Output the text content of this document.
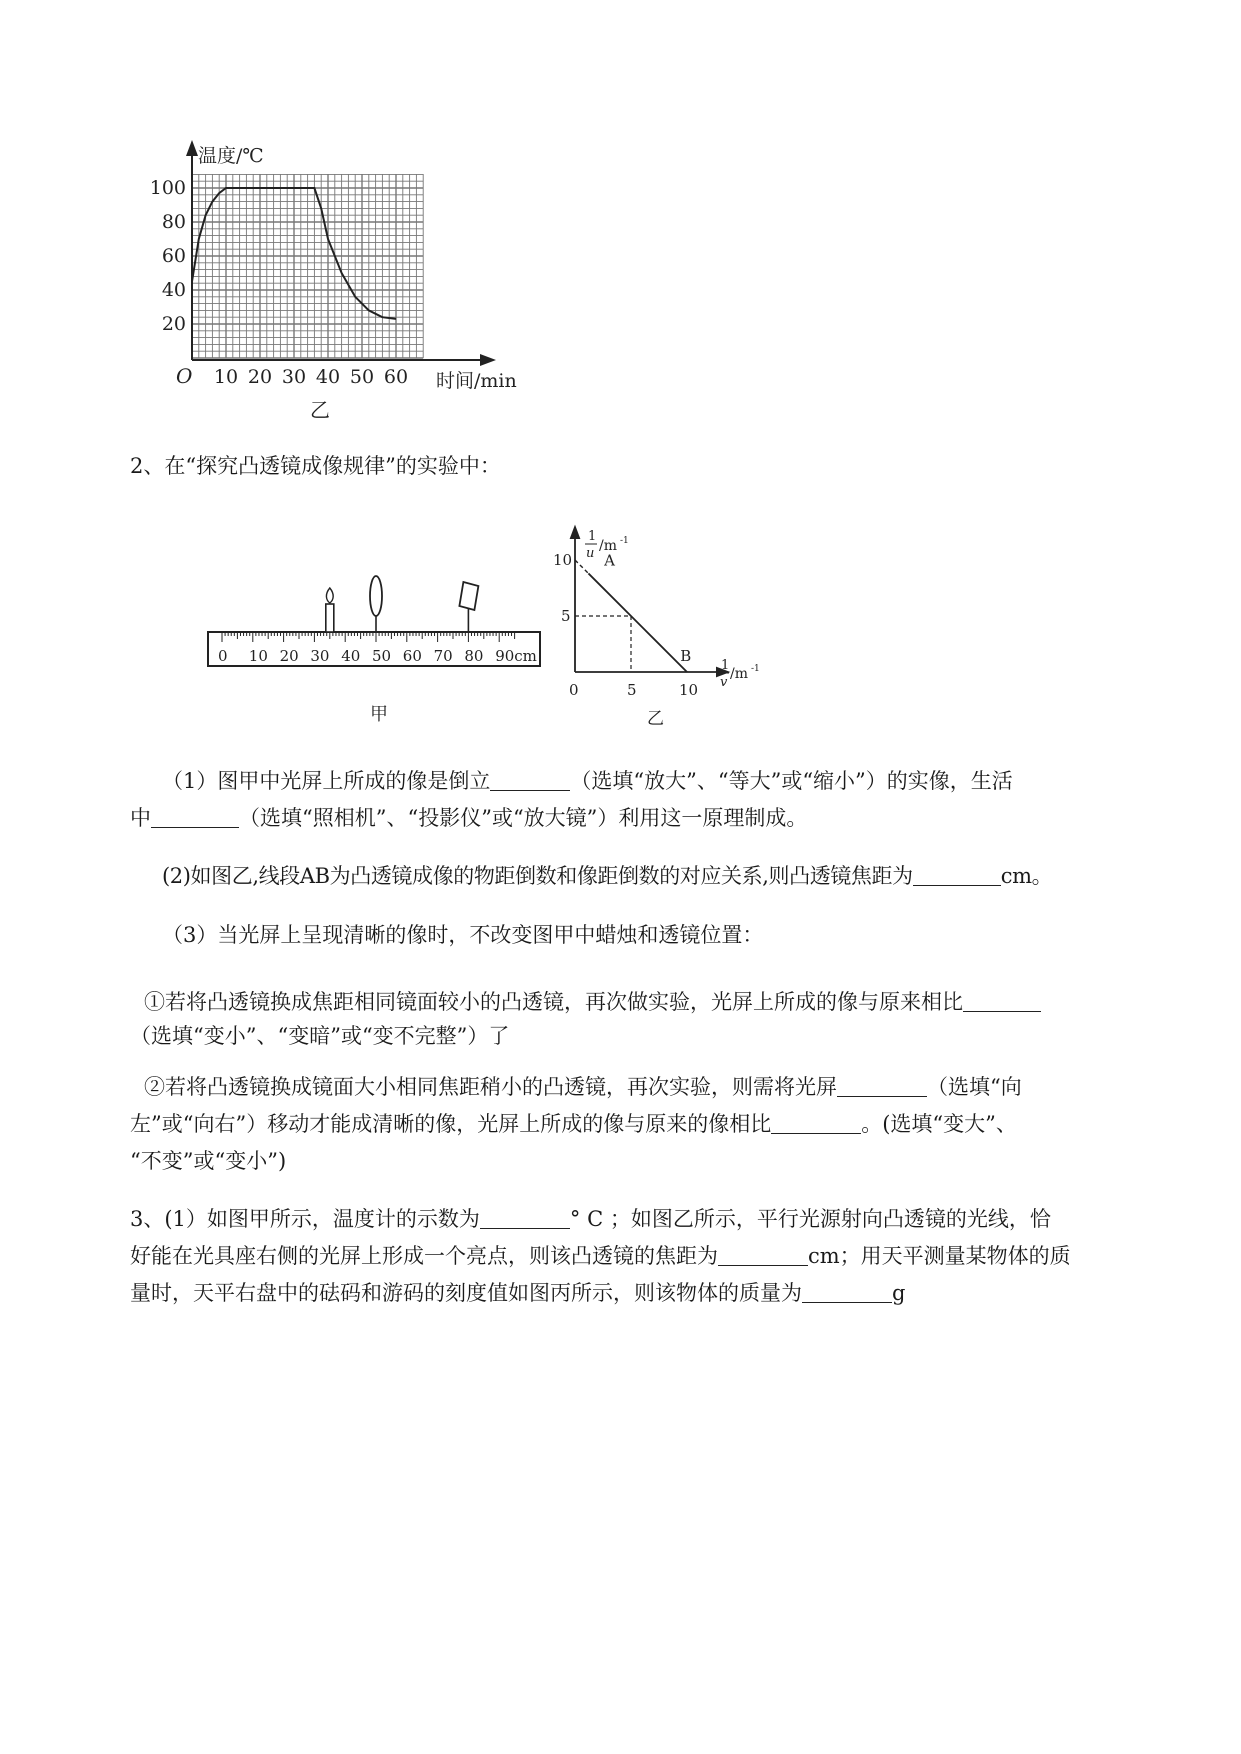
温度/℃
时间/min
O
乙
100
80
60
40
20
10 20 30 40 50 60
2、在“探究凸透镜成像规律”的实验中：
0 10 20 30 40 50 60 70 80 90cm
甲
1
u /m -1
1
v
/m -1
0
10
5
5	10
A
B
乙
（1）图甲中光屏上所成的像是倒立	（选填“放大”、“等大”或“缩小”）的实像，生活
中	（选填“照相机”、“投影仪”或“放大镜”）利用这一原理制成。
(2)如图乙,线段AB为凸透镜成像的物距倒数和像距倒数的对应关系,则凸透镜焦距为	cm。
（3）当光屏上呈现清晰的像时，不改变图甲中蜡烛和透镜位置：
①若将凸透镜换成焦距相同镜面较小的凸透镜，再次做实验，光屏上所成的像与原来相比
（选填“变小”、“变暗”或“变不完整”）了
②若将凸透镜换成镜面大小相同焦距稍小的凸透镜，再次实验，则需将光屏	（选填“向
左”或“向右”）移动才能成清晰的像，光屏上所成的像与原来的像相比	。(选填“变大”、
“不变”或“变小”)
3、(1）如图甲所示，温度计的示数为	° C ；如图乙所示，平行光源射向凸透镜的光线，恰
好能在光具座右侧的光屏上形成一个亮点，则该凸透镜的焦距为	cm；用天平测量某物体的质
量时，天平右盘中的砝码和游码的刻度值如图丙所示，则该物体的质量为	g
